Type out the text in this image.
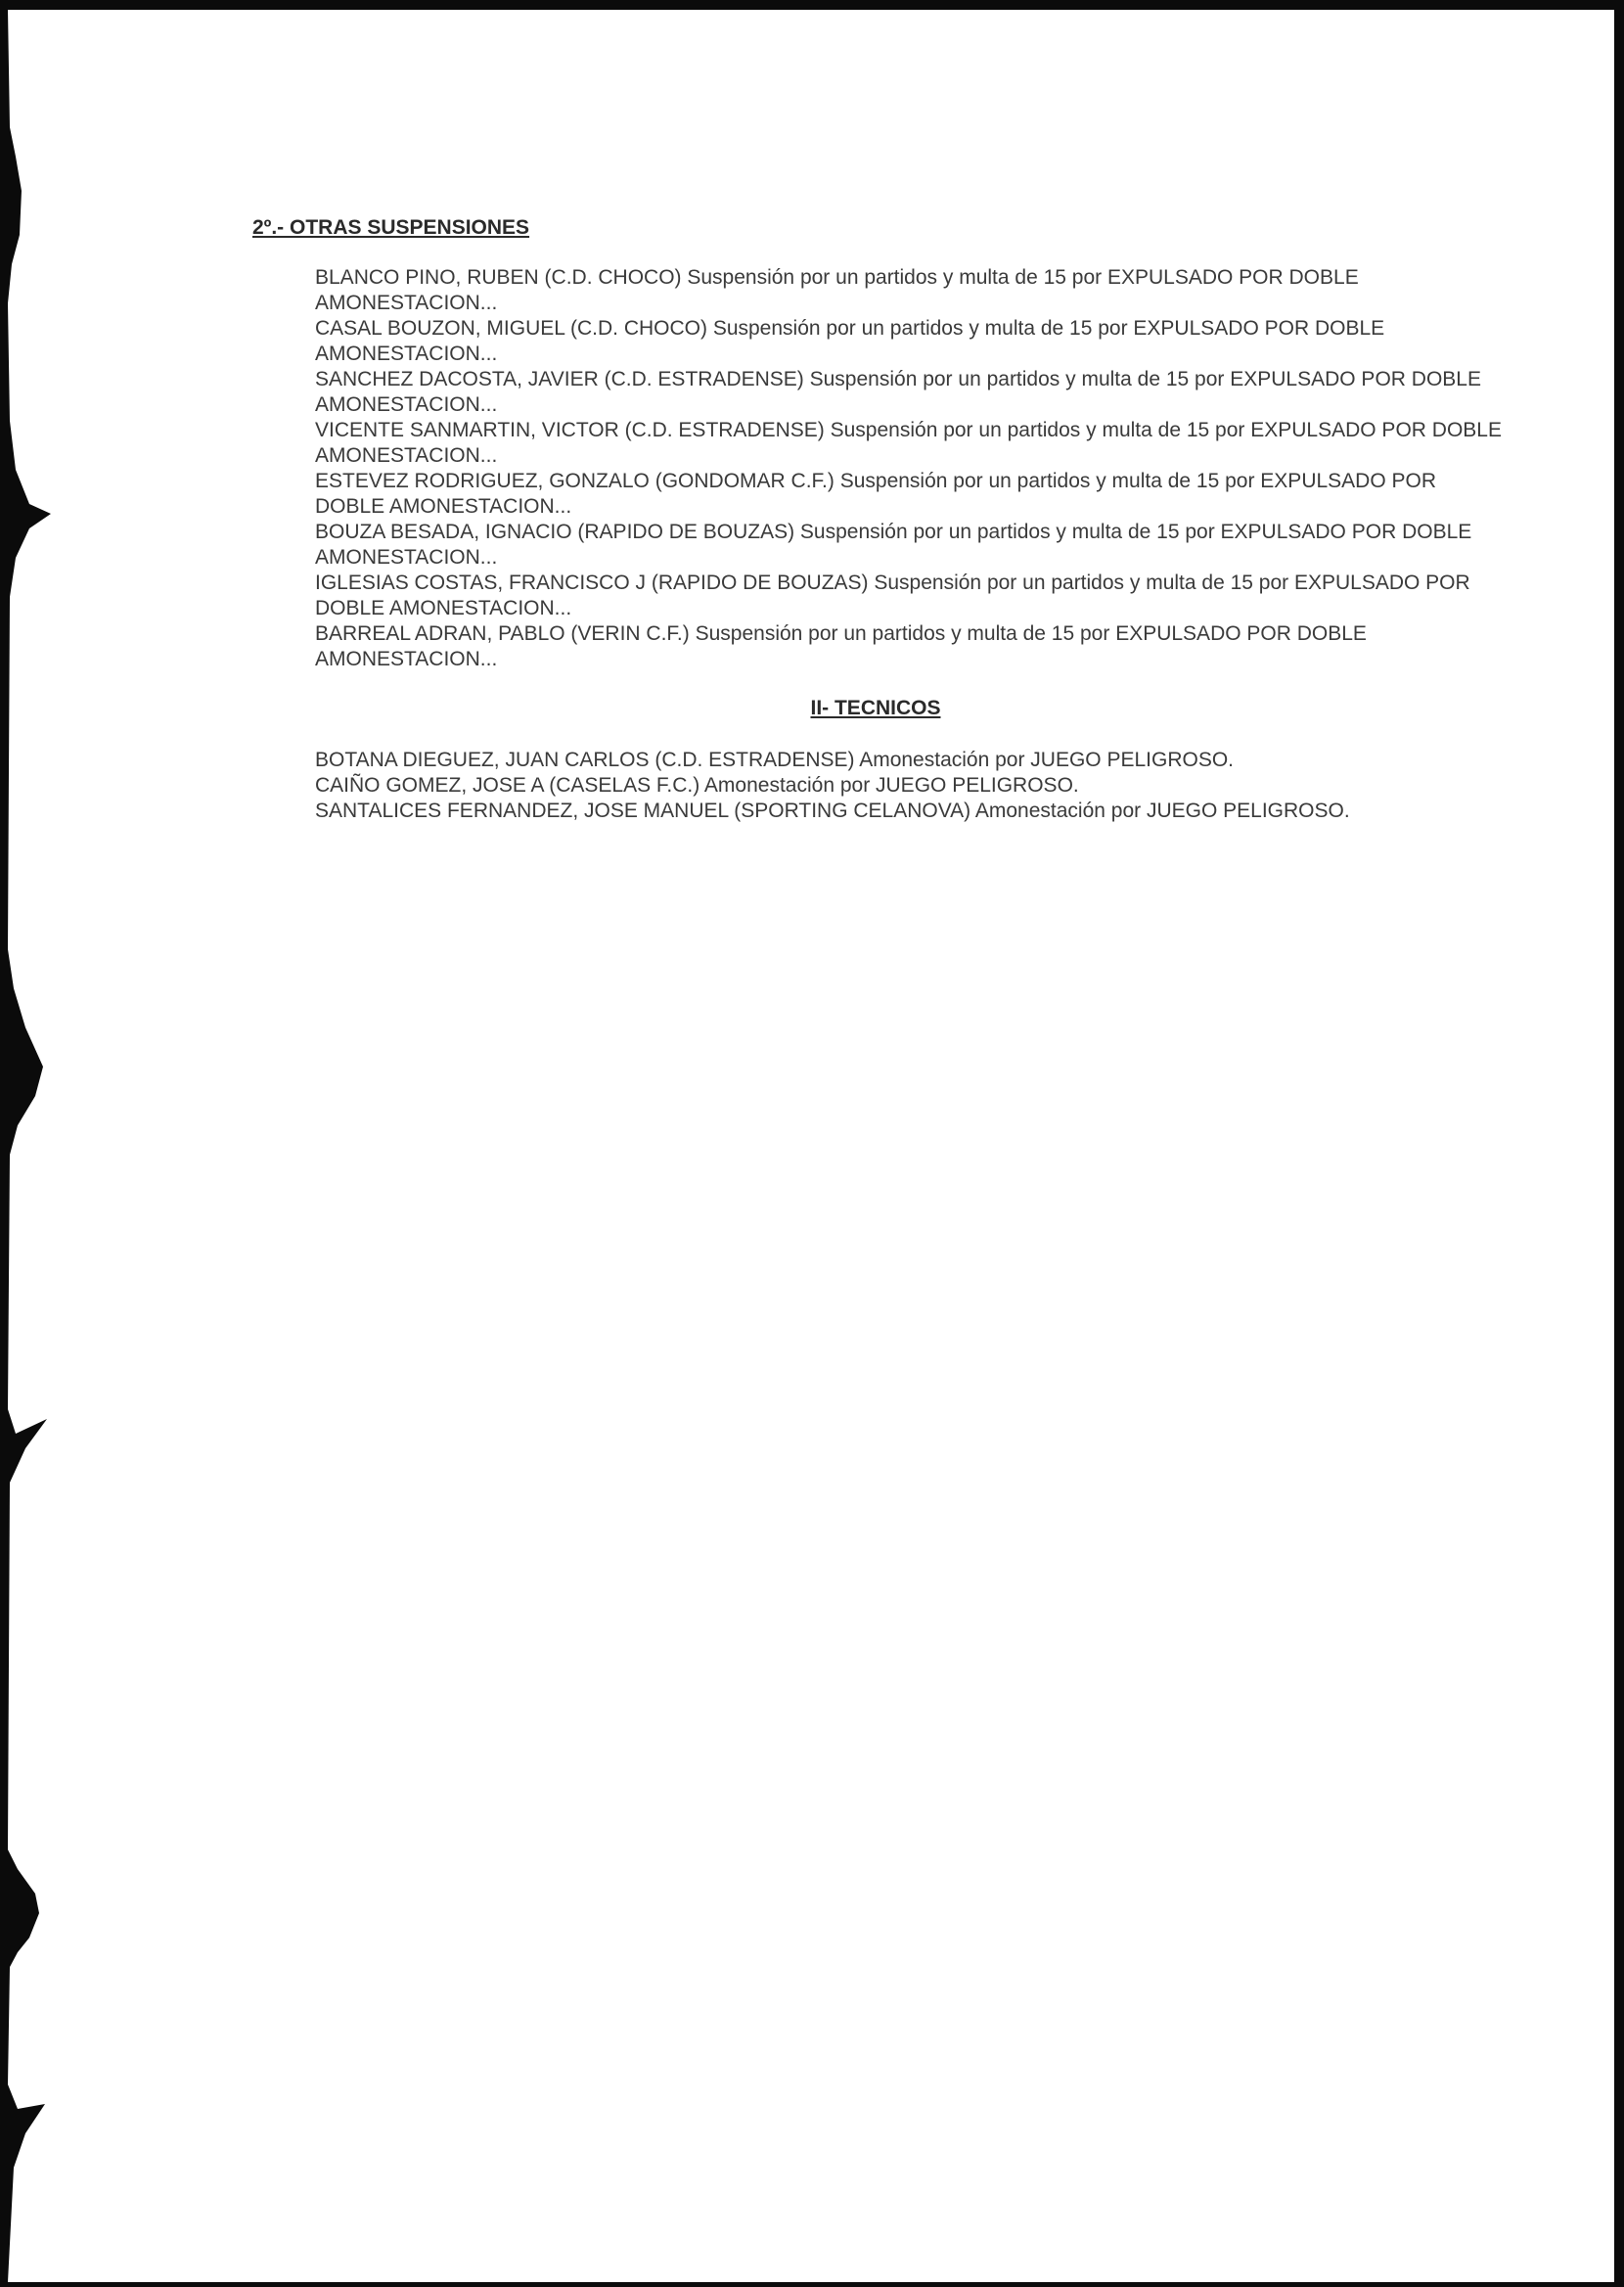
2º.- OTRAS SUSPENSIONES
BLANCO PINO, RUBEN (C.D. CHOCO) Suspensión por un partidos y multa de 15 por EXPULSADO POR DOBLE AMONESTACION...
CASAL BOUZON, MIGUEL (C.D. CHOCO) Suspensión por un partidos y multa de 15 por EXPULSADO POR DOBLE AMONESTACION...
SANCHEZ DACOSTA, JAVIER (C.D. ESTRADENSE) Suspensión por un partidos y multa de 15 por EXPULSADO POR DOBLE AMONESTACION...
VICENTE SANMARTIN, VICTOR (C.D. ESTRADENSE) Suspensión por un partidos y multa de 15 por EXPULSADO POR DOBLE AMONESTACION...
ESTEVEZ RODRIGUEZ, GONZALO (GONDOMAR C.F.) Suspensión por un partidos y multa de 15 por EXPULSADO POR DOBLE AMONESTACION...
BOUZA BESADA, IGNACIO (RAPIDO DE BOUZAS) Suspensión por un partidos y multa de 15 por EXPULSADO POR DOBLE AMONESTACION...
IGLESIAS COSTAS, FRANCISCO J (RAPIDO DE BOUZAS) Suspensión por un partidos y multa de 15 por EXPULSADO POR DOBLE AMONESTACION...
BARREAL ADRAN, PABLO (VERIN C.F.) Suspensión por un partidos y multa de 15 por EXPULSADO POR DOBLE AMONESTACION...
II- TECNICOS
BOTANA DIEGUEZ, JUAN CARLOS (C.D. ESTRADENSE) Amonestación por JUEGO PELIGROSO.
CAIÑO GOMEZ, JOSE A (CASELAS F.C.) Amonestación por JUEGO PELIGROSO.
SANTALICES FERNANDEZ, JOSE MANUEL (SPORTING CELANOVA) Amonestación por JUEGO PELIGROSO.
